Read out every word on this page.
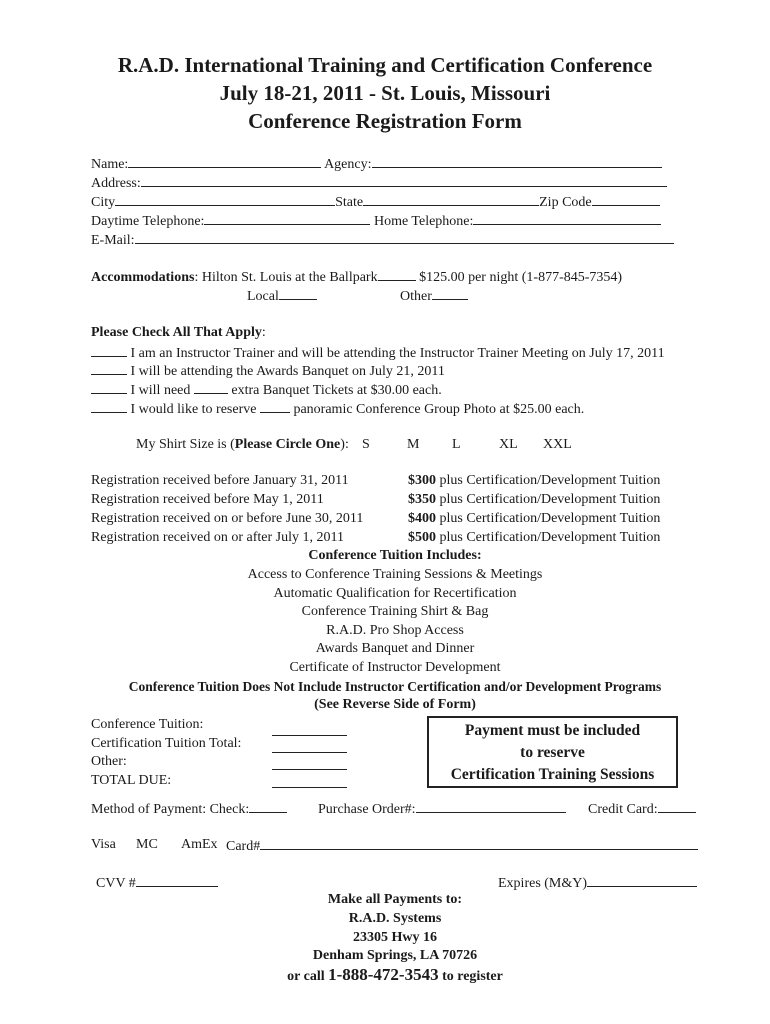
R.A.D. International Training and Certification Conference
July 18-21, 2011 - St. Louis, Missouri
Conference Registration Form
Name:	Agency:
Address:
City	State	Zip Code
Daytime Telephone:	Home Telephone:
E-Mail:
Accommodations: Hilton St. Louis at the Ballpark	$125.00 per night (1-877-845-7354)
Local	Other
Please Check All That Apply:
I am an Instructor Trainer and will be attending the Instructor Trainer Meeting on July 17, 2011
I will be attending the Awards Banquet on July 21, 2011
I will need	extra Banquet Tickets at $30.00 each.
I would like to reserve	panoramic Conference Group Photo at $25.00 each.
My Shirt Size is (Please Circle One): S	M L	XL XXL
Registration received before January 31, 2011	$300 plus Certification/Development Tuition
Registration received before May 1, 2011	$350 plus Certification/Development Tuition
Registration received on or before June 30, 2011	$400 plus Certification/Development Tuition
Registration received on or after July 1, 2011	$500 plus Certification/Development Tuition
Conference Tuition Includes:
Access to Conference Training Sessions & Meetings
Automatic Qualification for Recertification
Conference Training Shirt & Bag
R.A.D. Pro Shop Access
Awards Banquet and Dinner
Certificate of Instructor Development
Conference Tuition Does Not Include Instructor Certification and/or Development Programs
(See Reverse Side of Form)
Conference Tuition:
Certification Tuition Total:
Other:
TOTAL DUE:
Payment must be included
to reserve
Certification Training Sessions
Method of Payment: Check:	Purchase Order#:	Credit Card:
Visa MC AmEx Card#
CVV #	Expires (M&Y)
Make all Payments to:
R.A.D. Systems
23305 Hwy 16
Denham Springs, LA 70726
or call 1-888-472-3543 to register
